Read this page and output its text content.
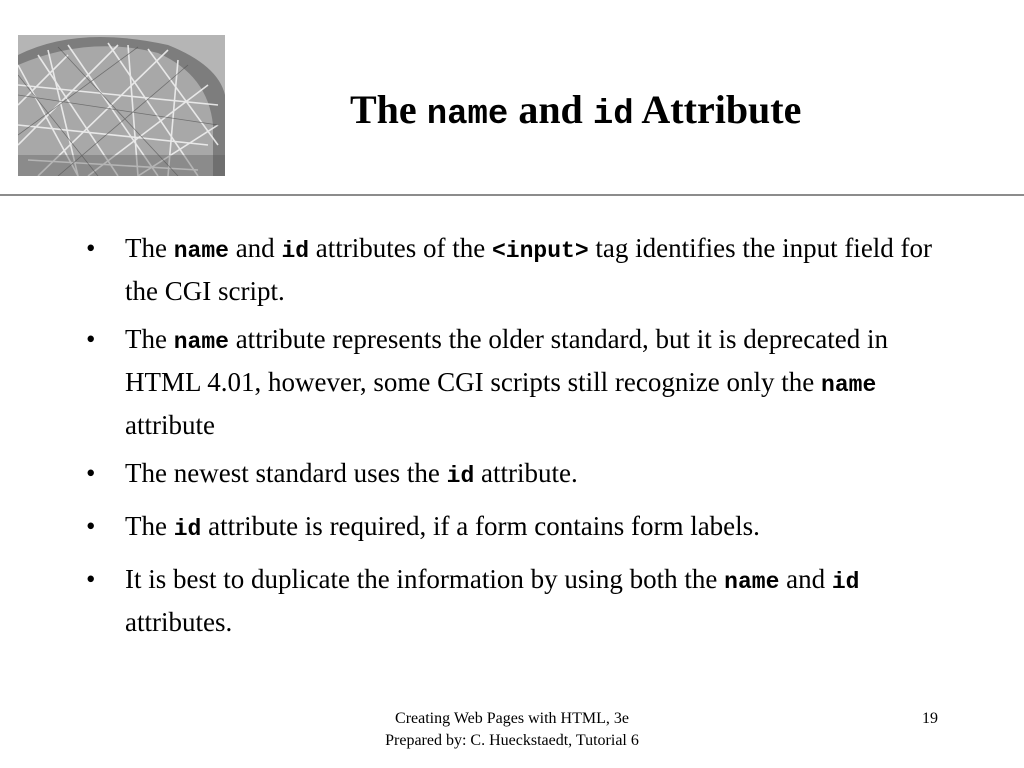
The name and id Attribute
• The name and id attributes of the <input> tag identifies the input field for the CGI script.
• The name attribute represents the older standard, but it is deprecated in HTML 4.01, however, some CGI scripts still recognize only the name attribute
• The newest standard uses the id attribute.
• The id attribute is required, if a form contains form labels.
• It is best to duplicate the information by using both the name and id attributes.
Creating Web Pages with HTML, 3e
Prepared by: C. Hueckstaedt, Tutorial 6
19
